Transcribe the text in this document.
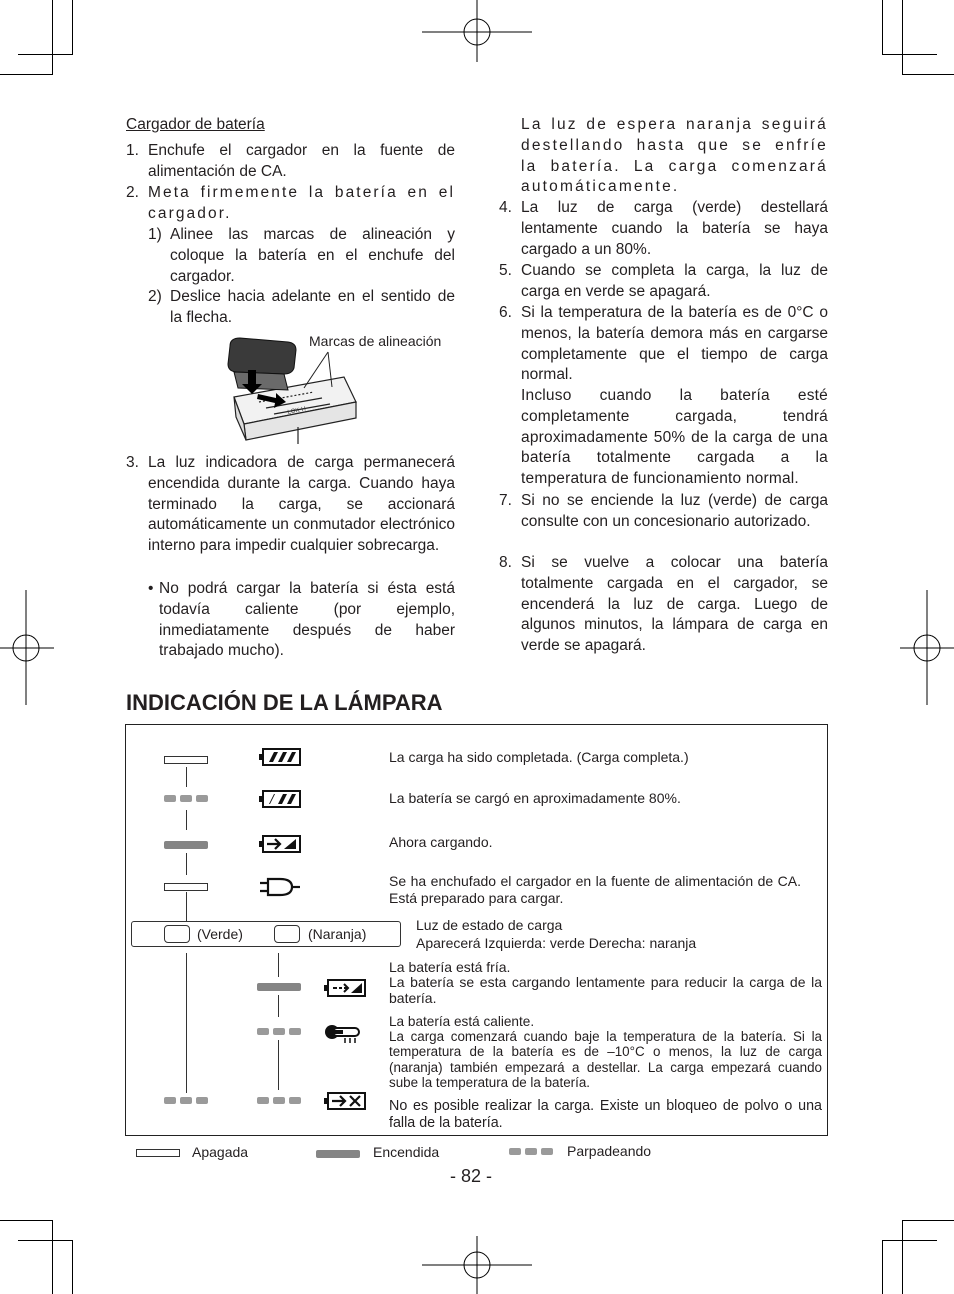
Cargador de batería
1. Enchufe el cargador en la fuente de alimentación de CA.
2. Meta firmemente la batería en el cargador.
1) Alinee las marcas de alineación y coloque la batería en el enchufe del cargador.
2) Deslice hacia adelante en el sentido de la flecha.
LOK·H
Marcas de alineación
3. La luz indicadora de carga permanecerá encendida durante la carga. Cuando haya terminado la carga, se accionará automáticamente un conmutador electrónico interno para impedir cualquier sobrecarga.
• No podrá cargar la batería si ésta está todavía caliente (por ejemplo, inmediatamente después de haber trabajado mucho).
La luz de espera naranja seguirá destellando hasta que se enfríe la batería. La carga comenzará automáticamente.
4. La luz de carga (verde) destellará lentamente cuando la batería se haya cargado a un 80%.
5. Cuando se completa la carga, la luz de carga en verde se apagará.
6. Si la temperatura de la batería es de 0°C o menos, la batería demora más en cargarse completamente que el tiempo de carga normal.
Incluso cuando la batería esté completamente cargada, tendrá aproximadamente 50% de la carga de una batería totalmente cargada a la temperatura de funcionamiento normal.
7. Si no se enciende la luz (verde) de carga consulte con un concesionario autorizado.
8. Si se vuelve a colocar una batería totalmente cargada en el cargador, se encenderá la luz de carga. Luego de algunos minutos, la lámpara de carga en verde se apagará.
INDICACIÓN DE LA LÁMPARA
La carga ha sido completada. (Carga completa.)
La batería se cargó en aproximadamente 80%.
Ahora cargando.
Se ha enchufado el cargador en la fuente de alimentación de CA. Está preparado para cargar.
(Verde)	(Naranja)
Luz de estado de carga
Aparecerá Izquierda: verde Derecha: naranja
La batería está fría.
La batería se esta cargando lentamente para reducir la carga de la batería.
La batería está caliente.
La carga comenzará cuando baje la temperatura de la batería. Si la temperatura de la batería es de –10°C o menos, la luz de carga (naranja) también empezará a destellar. La carga empezará cuando sube la temperatura de la batería.
No es posible realizar la carga. Existe un bloqueo de polvo o una falla de la batería.
Apagada	Encendida	Parpadeando
- 82 -
